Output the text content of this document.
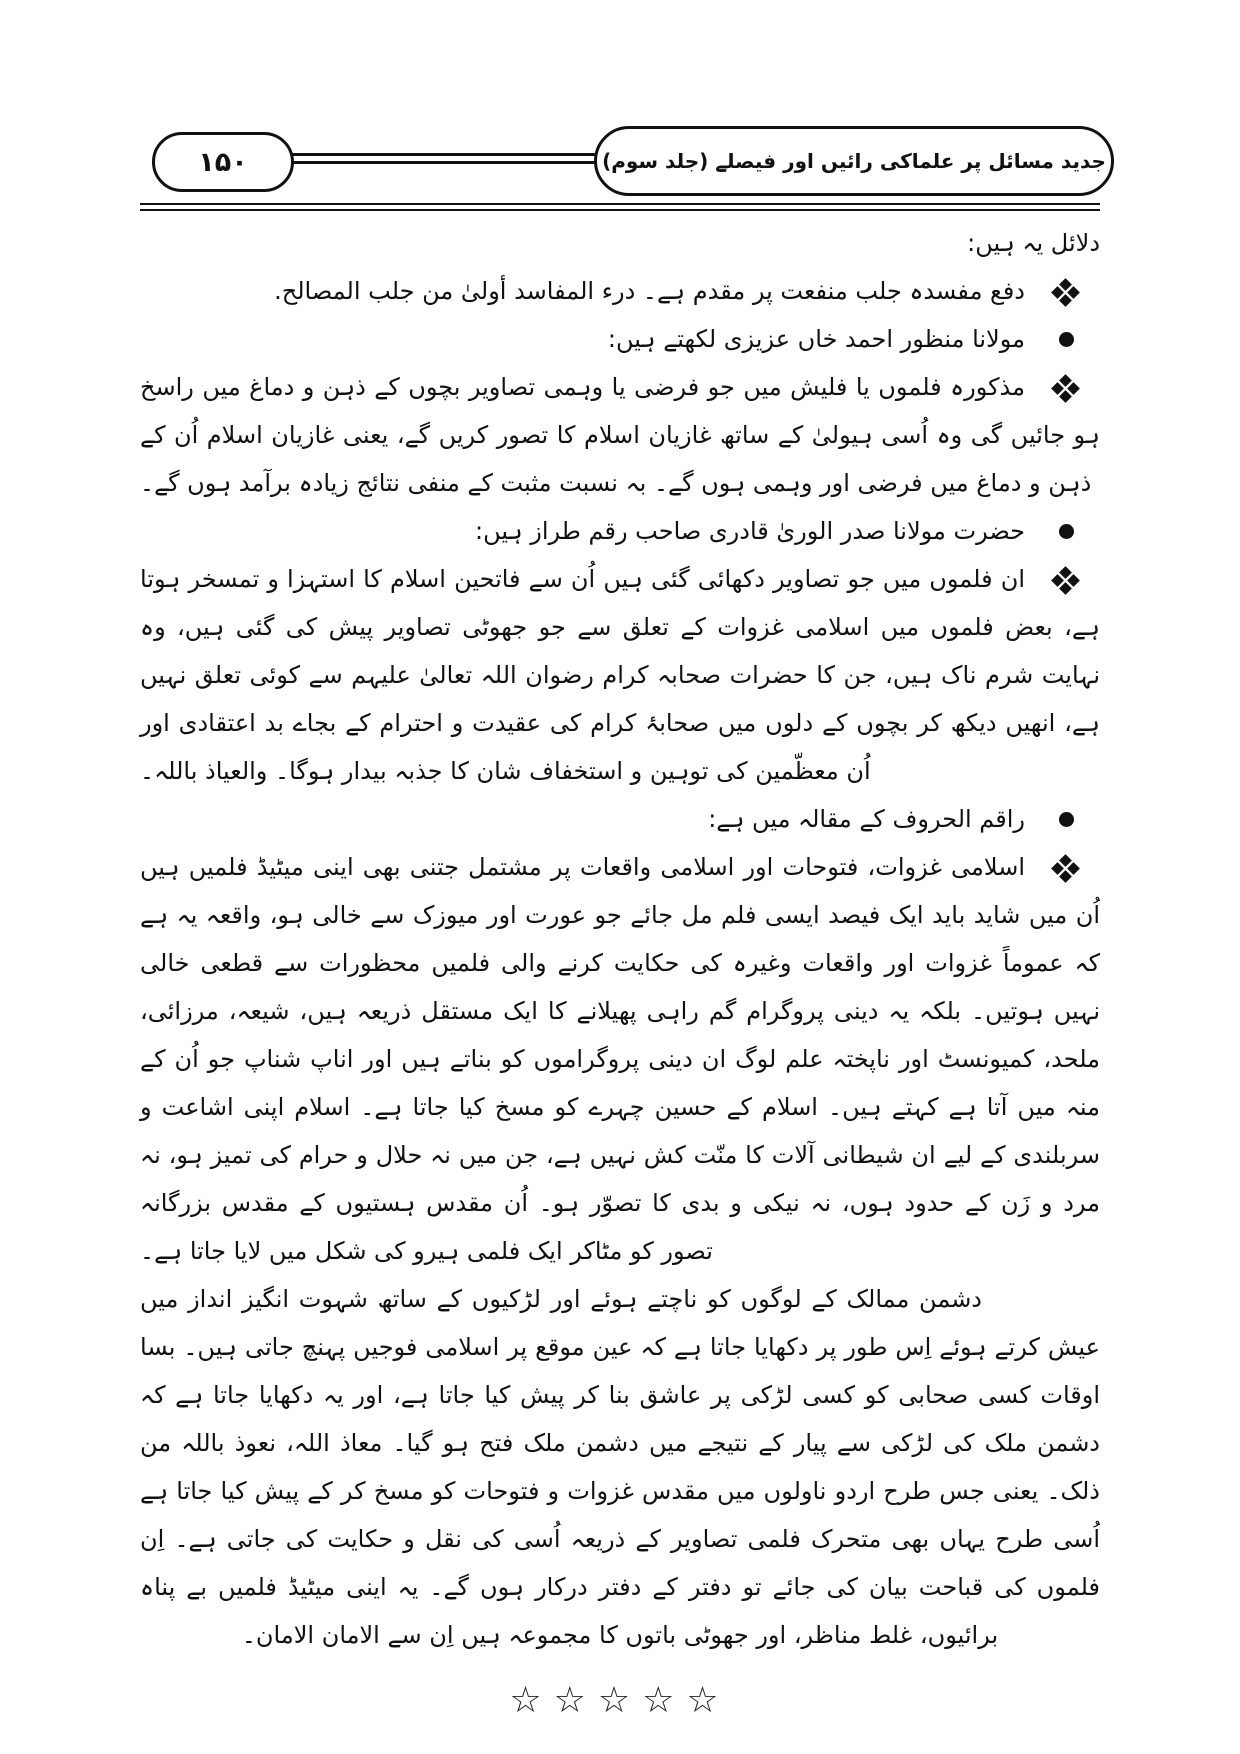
۱۵۰	جدید مسائل پر علماکی رائیں اور فیصلے (جلد سوم)

دلائل یہ ہیں:

دفع مفسدہ جلب منفعت پر مقدم ہے۔ درء المفاسد أولیٰ من جلب المصالح.

مولانا منظور احمد خاں عزیزی لکھتے ہیں:

مذکورہ فلموں یا فلیش میں جو فرضی یا وہمی تصاویر بچوں کے ذہن و دماغ میں راسخ ہو جائیں گی وہ اُسی ہیولیٰ کے ساتھ غازیان اسلام کا تصور کریں گے، یعنی غازیان اسلام اُن کے ذہن و دماغ میں فرضی اور وہمی ہوں گے۔ بہ نسبت مثبت کے منفی نتائج زیادہ برآمد ہوں گے۔

حضرت مولانا صدر الوریٰ قادری صاحب رقم طراز ہیں:

ان فلموں میں جو تصاویر دکھائی گئی ہیں اُن سے فاتحین اسلام کا استہزا و تمسخر ہوتا ہے، بعض فلموں میں اسلامی غزوات کے تعلق سے جو جھوٹی تصاویر پیش کی گئی ہیں، وہ نہایت شرم ناک ہیں، جن کا حضرات صحابہ کرام رضوان اللہ تعالیٰ علیہم سے کوئی تعلق نہیں ہے، انھیں دیکھ کر بچوں کے دلوں میں صحابۂ کرام کی عقیدت و احترام کے بجاے بد اعتقادی اور اُن معظّمین کی توہین و استخفاف شان کا جذبہ بیدار ہوگا۔ والعیاذ باللہ۔

راقم الحروف کے مقالہ میں ہے:

اسلامی غزوات، فتوحات اور اسلامی واقعات پر مشتمل جتنی بھی اینی میٹیڈ فلمیں ہیں اُن میں شاید باید ایک فیصد ایسی فلم مل جائے جو عورت اور میوزک سے خالی ہو، واقعہ یہ ہے کہ عموماً غزوات اور واقعات وغیرہ کی حکایت کرنے والی فلمیں محظورات سے قطعی خالی نہیں ہوتیں۔ بلکہ یہ دینی پروگرام گم راہی پھیلانے کا ایک مستقل ذریعہ ہیں، شیعہ، مرزائی، ملحد، کمیونسٹ اور ناپختہ علم لوگ ان دینی پروگراموں کو بناتے ہیں اور اناپ شناپ جو اُن کے منہ میں آتا ہے کہتے ہیں۔ اسلام کے حسین چہرے کو مسخ کیا جاتا ہے۔ اسلام اپنی اشاعت و سربلندی کے لیے ان شیطانی آلات کا منّت کش نہیں ہے، جن میں نہ حلال و حرام کی تمیز ہو، نہ مرد و زَن کے حدود ہوں، نہ نیکی و بدی کا تصوّر ہو۔ اُن مقدس ہستیوں کے مقدس بزرگانہ تصور کو مٹاکر ایک فلمی ہیرو کی شکل میں لایا جاتا ہے۔

دشمن ممالک کے لوگوں کو ناچتے ہوئے اور لڑکیوں کے ساتھ شہوت انگیز انداز میں عیش کرتے ہوئے اِس طور پر دکھایا جاتا ہے کہ عین موقع پر اسلامی فوجیں پہنچ جاتی ہیں۔ بسا اوقات کسی صحابی کو کسی لڑکی پر عاشق بنا کر پیش کیا جاتا ہے، اور یہ دکھایا جاتا ہے کہ دشمن ملک کی لڑکی سے پیار کے نتیجے میں دشمن ملک فتح ہو گیا۔ معاذ اللہ، نعوذ باللہ من ذلک۔ یعنی جس طرح اردو ناولوں میں مقدس غزوات و فتوحات کو مسخ کر کے پیش کیا جاتا ہے اُسی طرح یہاں بھی متحرک فلمی تصاویر کے ذریعہ اُسی کی نقل و حکایت کی جاتی ہے۔ اِن فلموں کی قباحت بیان کی جائے تو دفتر کے دفتر درکار ہوں گے۔ یہ اینی میٹیڈ فلمیں بے پناہ برائیوں، غلط مناظر، اور جھوٹی باتوں کا مجموعہ ہیں اِن سے الامان الامان۔

☆☆☆☆☆
